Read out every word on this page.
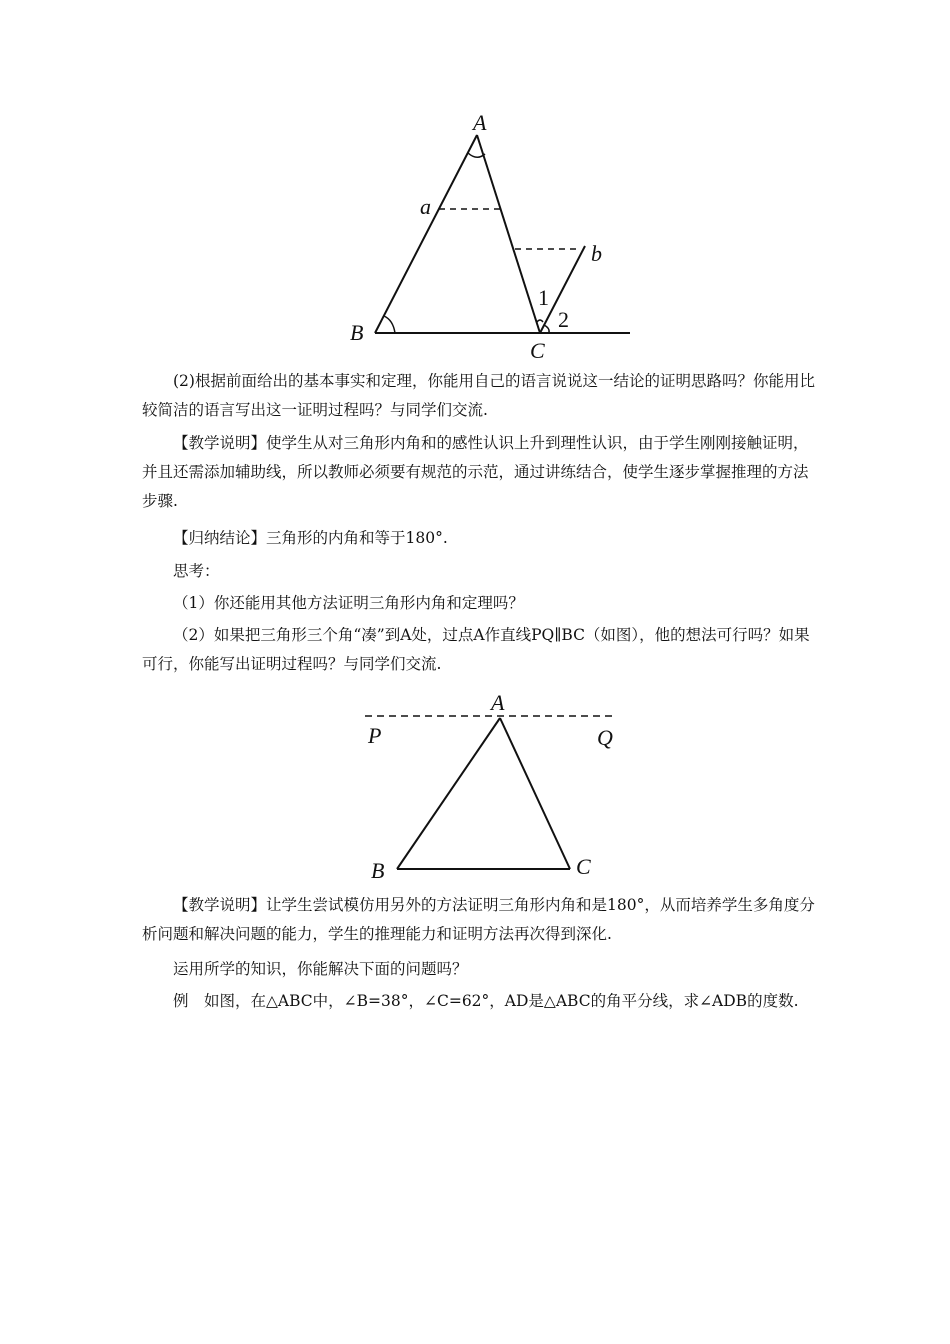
A
B
C
a
b
1
2

(2)根据前面给出的基本事实和定理，你能用自己的语言说说这一结论的证明思路吗？你能用比较简洁的语言写出这一证明过程吗？与同学们交流.

【教学说明】使学生从对三角形内角和的感性认识上升到理性认识，由于学生刚刚接触证明，并且还需添加辅助线，所以教师必须要有规范的示范，通过讲练结合，使学生逐步掌握推理的方法步骤.

【归纳结论】三角形的内角和等于180°.

思考：

（1）你还能用其他方法证明三角形内角和定理吗？

（2）如果把三角形三个角“凑”到A处，过点A作直线PQ∥BC（如图），他的想法可行吗？如果可行，你能写出证明过程吗？与同学们交流.

A
P	Q
B	C

【教学说明】让学生尝试模仿用另外的方法证明三角形内角和是180°，从而培养学生多角度分析问题和解决问题的能力，学生的推理能力和证明方法再次得到深化.

运用所学的知识，你能解决下面的问题吗？

例　如图，在△ABC中，∠B=38°，∠C=62°，AD是△ABC的角平分线，求∠ADB的度数.
